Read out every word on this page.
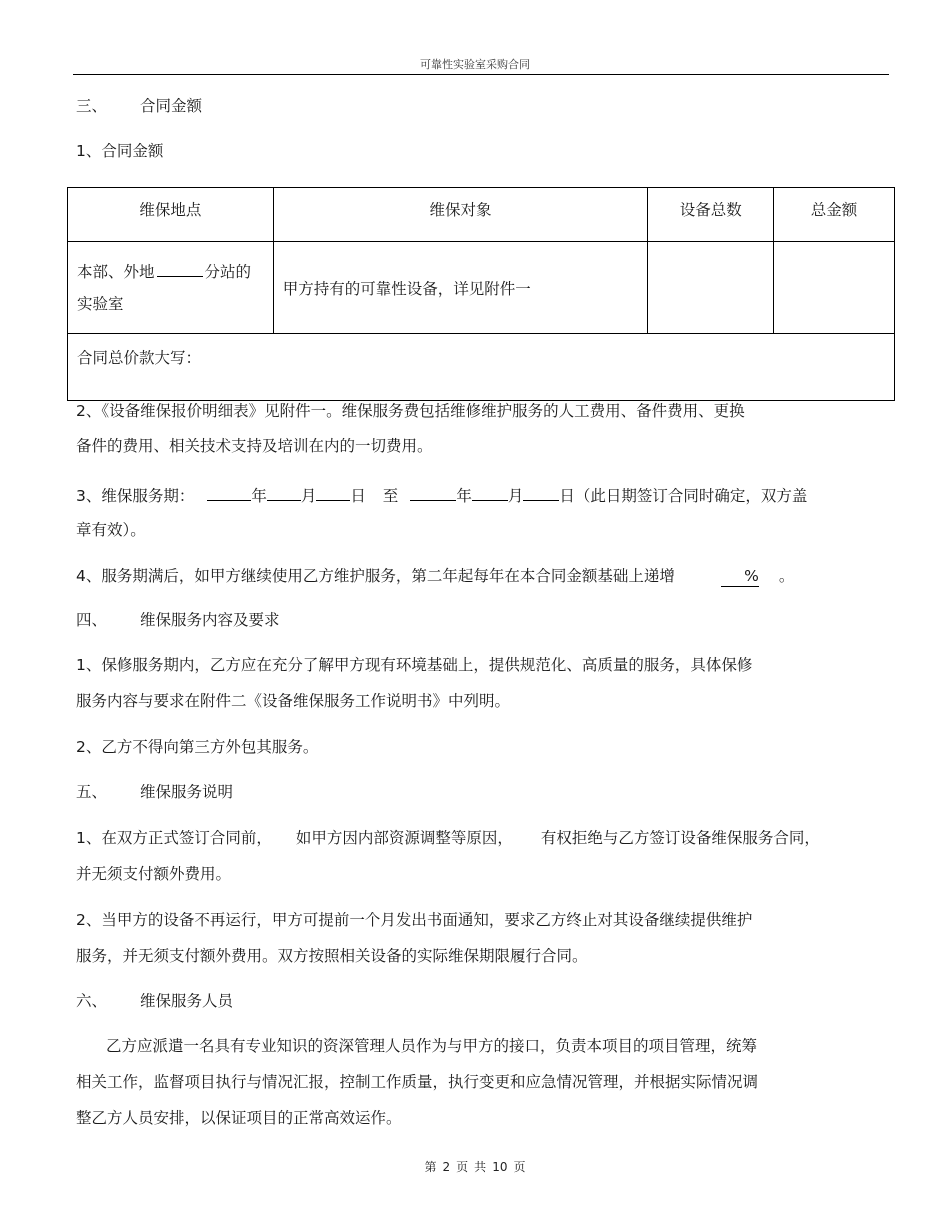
可靠性实验室采购合同
三、 合同金额
1、合同金额
维保地点	维保对象	设备总数	总金额
本部、外地 分站的
实验室	甲方持有的可靠性设备，详见附件一		
合同总价款大写：			
2、《设备维保报价明细表》见附件一。维保服务费包括维修维护服务的人工费用、备件费用、更换
备件的费用、相关技术支持及培训在内的一切费用。
3、维保服务期：	年 月 日 至	年 月 日（此日期签订合同时确定，双方盖
章有效）。
4、服务期满后，如甲方继续使用乙方维护服务，第二年起每年在本合同金额基础上递增	% 。
四、 维保服务内容及要求
1、保修服务期内，乙方应在充分了解甲方现有环境基础上，提供规范化、高质量的服务，具体保修
服务内容与要求在附件二《设备维保服务工作说明书》中列明。
2、乙方不得向第三方外包其服务。
五、 维保服务说明
1、在双方正式签订合同前， 如甲方因内部资源调整等原因， 有权拒绝与乙方签订设备维保服务合同，
并无须支付额外费用。
2、当甲方的设备不再运行，甲方可提前一个月发出书面通知，要求乙方终止对其设备继续提供维护
服务，并无须支付额外费用。双方按照相关设备的实际维保期限履行合同。
六、 维保服务人员
乙方应派遣一名具有专业知识的资深管理人员作为与甲方的接口，负责本项目的项目管理，统筹
相关工作，监督项目执行与情况汇报，控制工作质量，执行变更和应急情况管理，并根据实际情况调
整乙方人员安排，以保证项目的正常高效运作。
第 2 页 共 10 页
